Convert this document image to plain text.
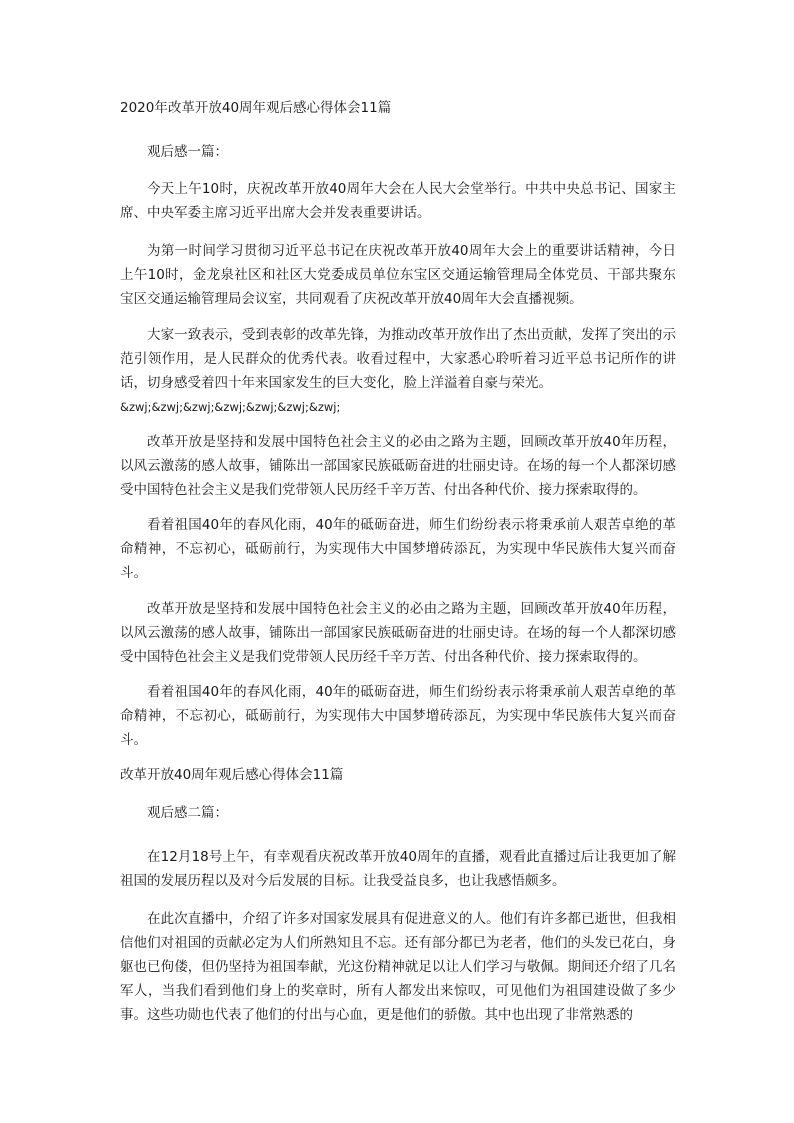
2020年改革开放40周年观后感心得体会11篇
观后感一篇：

今天上午10时，庆祝改革开放40周年大会在人民大会堂举行。中共中央总书记、国家主席、中央军委主席习近平出席大会并发表重要讲话。

为第一时间学习贯彻习近平总书记在庆祝改革开放40周年大会上的重要讲话精神，今日上午10时，金龙泉社区和社区大党委成员单位东宝区交通运输管理局全体党员、干部共聚东宝区交通运输管理局会议室，共同观看了庆祝改革开放40周年大会直播视频。

大家一致表示，受到表彰的改革先锋，为推动改革开放作出了杰出贡献，发挥了突出的示范引领作用，是人民群众的优秀代表。收看过程中，大家悉心聆听着习近平总书记所作的讲话，切身感受着四十年来国家发生的巨大变化，脸上洋溢着自豪与荣光。

&zwj;&zwj;&zwj;&zwj;&zwj;&zwj;&zwj;

改革开放是坚持和发展中国特色社会主义的必由之路为主题，回顾改革开放40年历程，以风云激荡的感人故事，铺陈出一部国家民族砥砺奋进的壮丽史诗。在场的每一个人都深切感受中国特色社会主义是我们党带领人民历经千辛万苦、付出各种代价、接力探索取得的。

看着祖国40年的春风化雨，40年的砥砺奋进，师生们纷纷表示将秉承前人艰苦卓绝的革命精神，不忘初心，砥砺前行，为实现伟大中国梦增砖添瓦，为实现中华民族伟大复兴而奋斗。

改革开放是坚持和发展中国特色社会主义的必由之路为主题，回顾改革开放40年历程，以风云激荡的感人故事，铺陈出一部国家民族砥砺奋进的壮丽史诗。在场的每一个人都深切感受中国特色社会主义是我们党带领人民历经千辛万苦、付出各种代价、接力探索取得的。

看着祖国40年的春风化雨，40年的砥砺奋进，师生们纷纷表示将秉承前人艰苦卓绝的革命精神，不忘初心，砥砺前行，为实现伟大中国梦增砖添瓦，为实现中华民族伟大复兴而奋斗。

改革开放40周年观后感心得体会11篇
观后感二篇：

在12月18号上午，有幸观看庆祝改革开放40周年的直播，观看此直播过后让我更加了解祖国的发展历程以及对今后发展的目标。让我受益良多，也让我感悟颇多。

在此次直播中，介绍了许多对国家发展具有促进意义的人。他们有许多都已逝世，但我相信他们对祖国的贡献必定为人们所熟知且不忘。还有部分都已为老者，他们的头发已花白，身躯也已佝偻，但仍坚持为祖国奉献，光这份精神就足以让人们学习与敬佩。期间还介绍了几名军人，当我们看到他们身上的奖章时，所有人都发出来惊叹，可见他们为祖国建设做了多少事。这些功勋也代表了他们的付出与心血，更是他们的骄傲。其中也出现了非常熟悉的
